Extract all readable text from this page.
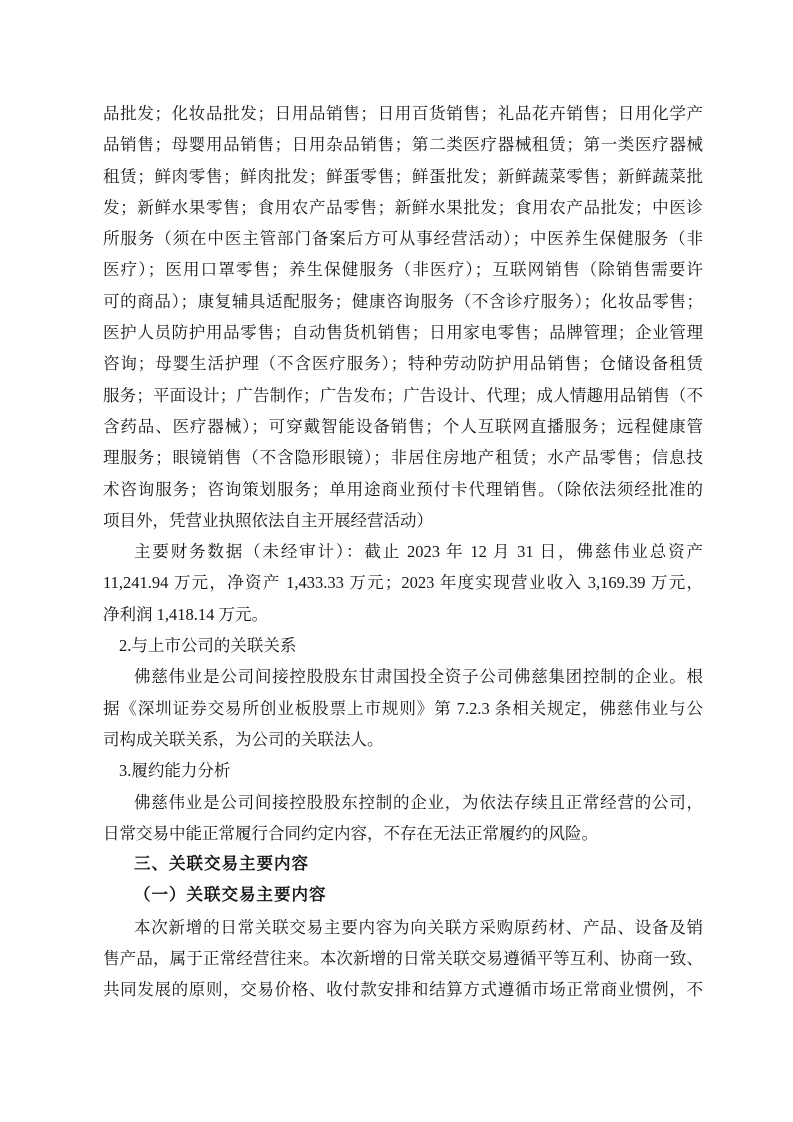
品批发；化妆品批发；日用品销售；日用百货销售；礼品花卉销售；日用化学产
品销售；母婴用品销售；日用杂品销售；第二类医疗器械租赁；第一类医疗器械
租赁；鲜肉零售；鲜肉批发；鲜蛋零售；鲜蛋批发；新鲜蔬菜零售；新鲜蔬菜批
发；新鲜水果零售；食用农产品零售；新鲜水果批发；食用农产品批发；中医诊
所服务（须在中医主管部门备案后方可从事经营活动）；中医养生保健服务（非
医疗）；医用口罩零售；养生保健服务（非医疗）；互联网销售（除销售需要许
可的商品）；康复辅具适配服务；健康咨询服务（不含诊疗服务）；化妆品零售；
医护人员防护用品零售；自动售货机销售；日用家电零售；品牌管理；企业管理
咨询；母婴生活护理（不含医疗服务）；特种劳动防护用品销售；仓储设备租赁
服务；平面设计；广告制作；广告发布；广告设计、代理；成人情趣用品销售（不
含药品、医疗器械）；可穿戴智能设备销售；个人互联网直播服务；远程健康管
理服务；眼镜销售（不含隐形眼镜）；非居住房地产租赁；水产品零售；信息技
术咨询服务；咨询策划服务；单用途商业预付卡代理销售。（除依法须经批准的
项目外，凭营业执照依法自主开展经营活动）
主要财务数据（未经审计）：截止 2023 年 12 月 31 日，佛慈伟业总资产
11,241.94 万元，净资产 1,433.33 万元；2023 年度实现营业收入 3,169.39 万元，
净利润 1,418.14 万元。
2.与上市公司的关联关系
佛慈伟业是公司间接控股股东甘肃国投全资子公司佛慈集团控制的企业。根
据《深圳证券交易所创业板股票上市规则》第 7.2.3 条相关规定，佛慈伟业与公
司构成关联关系，为公司的关联法人。
3.履约能力分析
佛慈伟业是公司间接控股股东控制的企业，为依法存续且正常经营的公司，
日常交易中能正常履行合同约定内容，不存在无法正常履约的风险。
三、关联交易主要内容
（一）关联交易主要内容
本次新增的日常关联交易主要内容为向关联方采购原药材、产品、设备及销
售产品，属于正常经营往来。本次新增的日常关联交易遵循平等互利、协商一致、
共同发展的原则，交易价格、收付款安排和结算方式遵循市场正常商业惯例，不
